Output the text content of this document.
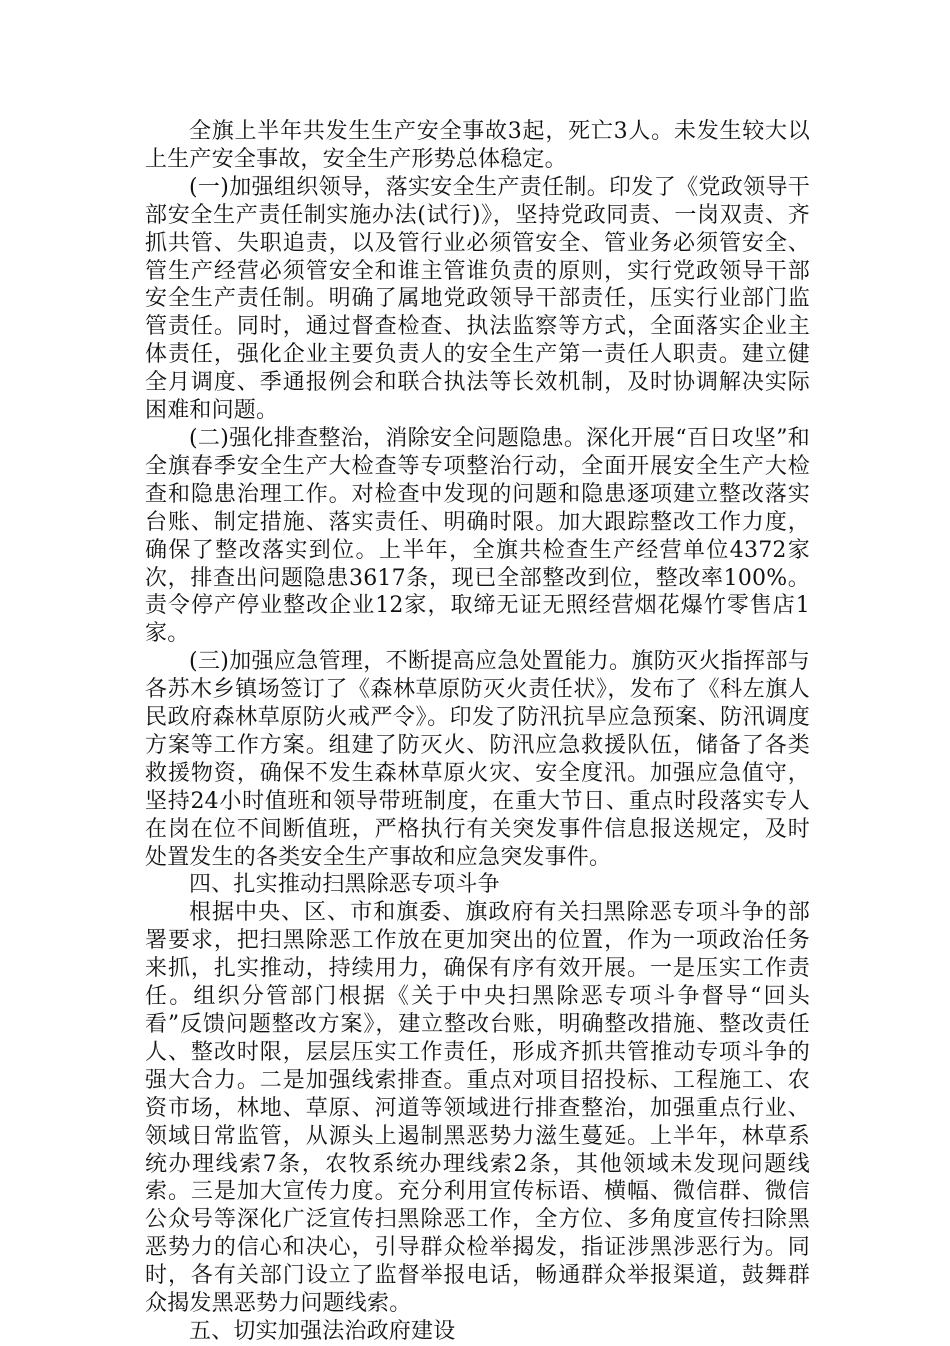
全旗上半年共发生生产安全事故3起，死亡3人。未发生较大以上生产安全事故，安全生产形势总体稳定。

(一)加强组织领导，落实安全生产责任制。印发了《党政领导干部安全生产责任制实施办法(试行)》，坚持党政同责、一岗双责、齐抓共管、失职追责，以及管行业必须管安全、管业务必须管安全、管生产经营必须管安全和谁主管谁负责的原则，实行党政领导干部安全生产责任制。明确了属地党政领导干部责任，压实行业部门监管责任。同时，通过督查检查、执法监察等方式，全面落实企业主体责任，强化企业主要负责人的安全生产第一责任人职责。建立健全月调度、季通报例会和联合执法等长效机制，及时协调解决实际困难和问题。

(二)强化排查整治，消除安全问题隐患。深化开展“百日攻坚”和全旗春季安全生产大检查等专项整治行动，全面开展安全生产大检查和隐患治理工作。对检查中发现的问题和隐患逐项建立整改落实台账、制定措施、落实责任、明确时限。加大跟踪整改工作力度，确保了整改落实到位。上半年，全旗共检查生产经营单位4372家次，排查出问题隐患3617条，现已全部整改到位，整改率100%。责令停产停业整改企业12家，取缔无证无照经营烟花爆竹零售店1家。

(三)加强应急管理，不断提高应急处置能力。旗防灭火指挥部与各苏木乡镇场签订了《森林草原防灭火责任状》，发布了《科左旗人民政府森林草原防火戒严令》。印发了防汛抗旱应急预案、防汛调度方案等工作方案。组建了防灭火、防汛应急救援队伍，储备了各类救援物资，确保不发生森林草原火灾、安全度汛。加强应急值守，坚持24小时值班和领导带班制度，在重大节日、重点时段落实专人在岗在位不间断值班，严格执行有关突发事件信息报送规定，及时处置发生的各类安全生产事故和应急突发事件。

四、扎实推动扫黑除恶专项斗争

根据中央、区、市和旗委、旗政府有关扫黑除恶专项斗争的部署要求，把扫黑除恶工作放在更加突出的位置，作为一项政治任务来抓，扎实推动，持续用力，确保有序有效开展。一是压实工作责任。组织分管部门根据《关于中央扫黑除恶专项斗争督导“回头看”反馈问题整改方案》，建立整改台账，明确整改措施、整改责任人、整改时限，层层压实工作责任，形成齐抓共管推动专项斗争的强大合力。二是加强线索排查。重点对项目招投标、工程施工、农资市场，林地、草原、河道等领域进行排查整治，加强重点行业、领域日常监管，从源头上遏制黑恶势力滋生蔓延。上半年，林草系统办理线索7条，农牧系统办理线索2条，其他领域未发现问题线索。三是加大宣传力度。充分利用宣传标语、横幅、微信群、微信公众号等深化广泛宣传扫黑除恶工作，全方位、多角度宣传扫除黑恶势力的信心和决心，引导群众检举揭发，指证涉黑涉恶行为。同时，各有关部门设立了监督举报电话，畅通群众举报渠道，鼓舞群众揭发黑恶势力问题线索。

五、切实加强法治政府建设
